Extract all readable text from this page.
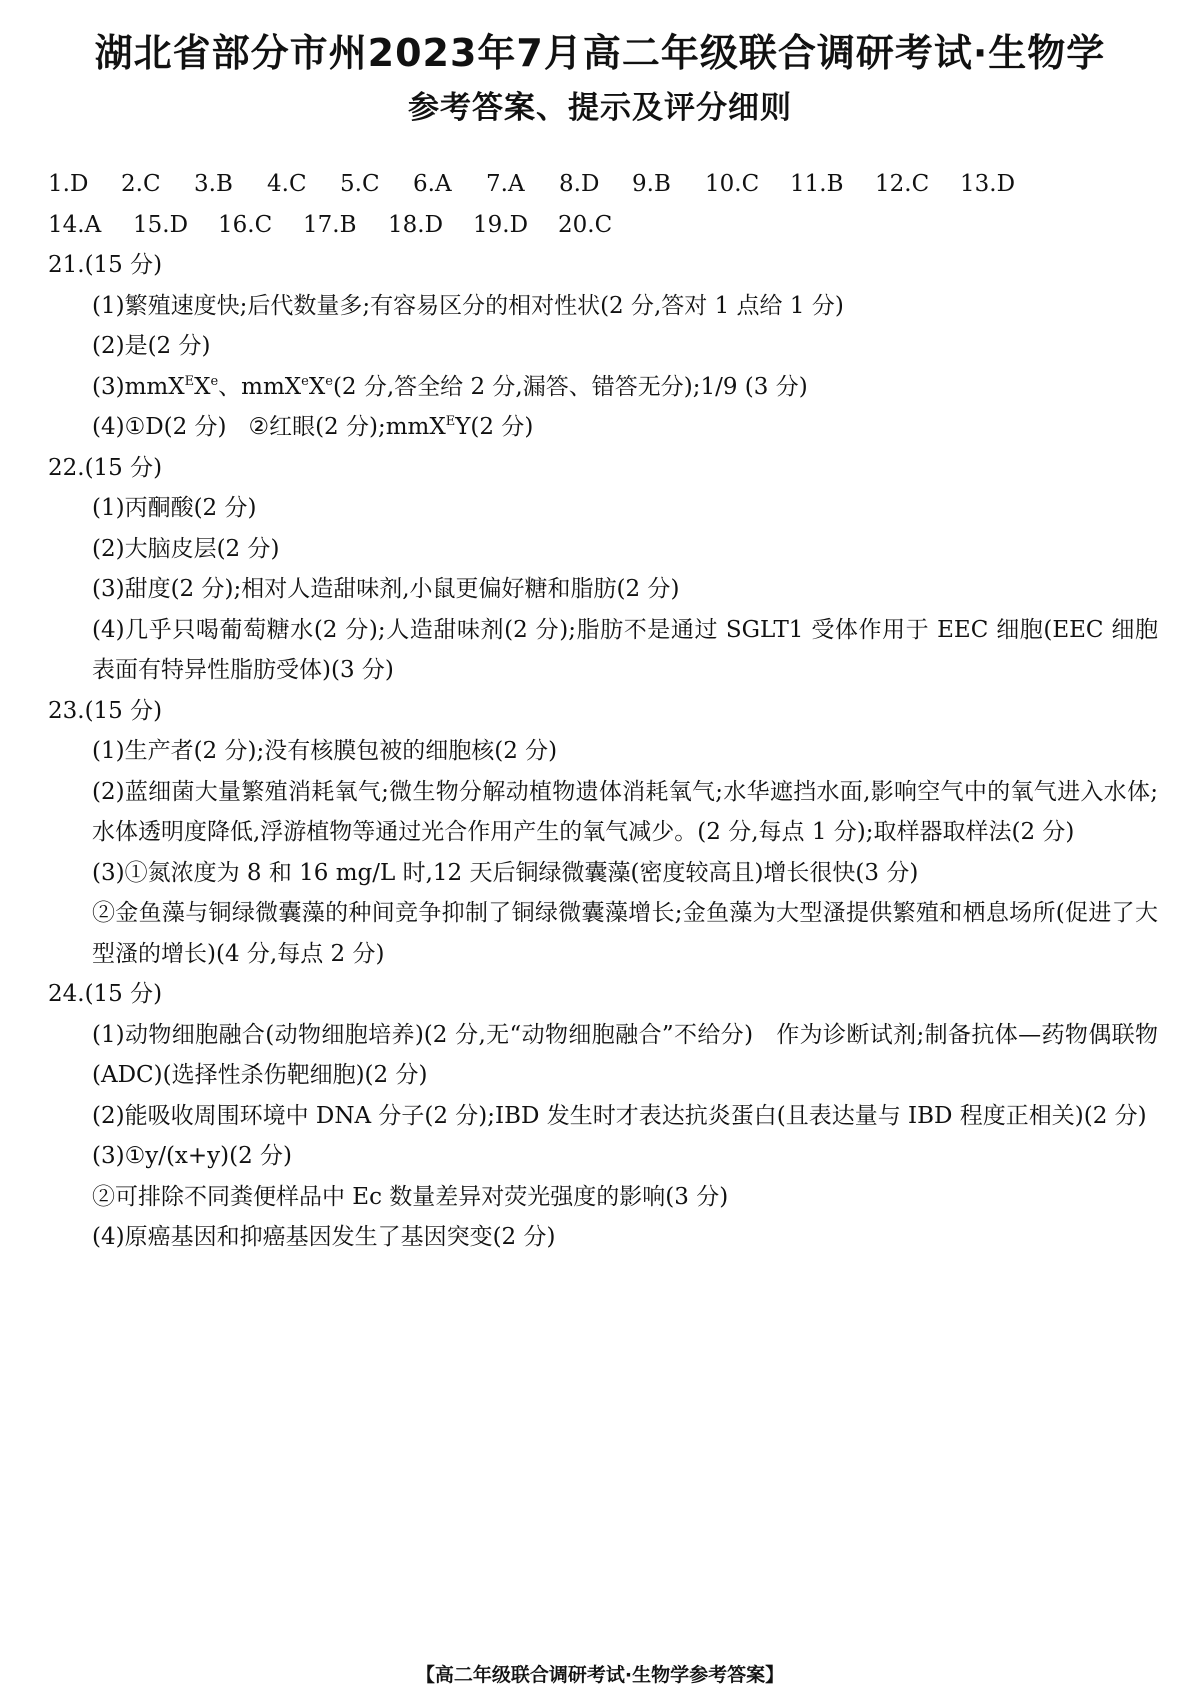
湖北省部分市州2023年7月高二年级联合调研考试·生物学
参考答案、提示及评分细则
1.D 2.C 3.B 4.C 5.C 6.A 7.A 8.D 9.B 10.C 11.B 12.C 13.D
14.A 15.D 16.C 17.B 18.D 19.D 20.C
21.(15 分)
(1)繁殖速度快;后代数量多;有容易区分的相对性状(2 分,答对 1 点给 1 分)
(2)是(2 分)
(3)mmX$^E$Xe、mmX$^e$Xe(2 分,答全给 2 分,漏答、错答无分);1/9 (3 分)
(4)①D(2 分)   ②红眼(2 分);mmX$^E$Y(2 分)
22.(15 分)
(1)丙酮酸(2 分)
(2)大脑皮层(2 分)
(3)甜度(2 分);相对人造甜味剂,小鼠更偏好糖和脂肪(2 分)
(4)几乎只喝葡萄糖水(2 分);人造甜味剂(2 分);脂肪不是通过 SGLT1 受体作用于 EEC 细胞(EEC 细胞表面有特异性脂肪受体)(3 分)
23.(15 分)
(1)生产者(2 分);没有核膜包被的细胞核(2 分)
(2)蓝细菌大量繁殖消耗氧气;微生物分解动植物遗体消耗氧气;水华遮挡水面,影响空气中的氧气进入水体;水体透明度降低,浮游植物等通过光合作用产生的氧气减少。(2 分,每点 1 分);取样器取样法(2 分)
(3)①氮浓度为 8 和 16 mg/L 时,12 天后铜绿微囊藻(密度较高且)增长很快(3 分)
②金鱼藻与铜绿微囊藻的种间竞争抑制了铜绿微囊藻增长;金鱼藻为大型溞提供繁殖和栖息场所(促进了大型溞的增长)(4 分,每点 2 分)
24.(15 分)
(1)动物细胞融合(动物细胞培养)(2 分,无“动物细胞融合”不给分)   作为诊断试剂;制备抗体—药物偶联物(ADC)(选择性杀伤靶细胞)(2 分)
(2)能吸收周围环境中 DNA 分子(2 分);IBD 发生时才表达抗炎蛋白(且表达量与 IBD 程度正相关)(2 分)
(3)①y/(x+y)(2 分)
②可排除不同粪便样品中 Ec 数量差异对荧光强度的影响(3 分)
(4)原癌基因和抑癌基因发生了基因突变(2 分)
【高二年级联合调研考试·生物学参考答案】
